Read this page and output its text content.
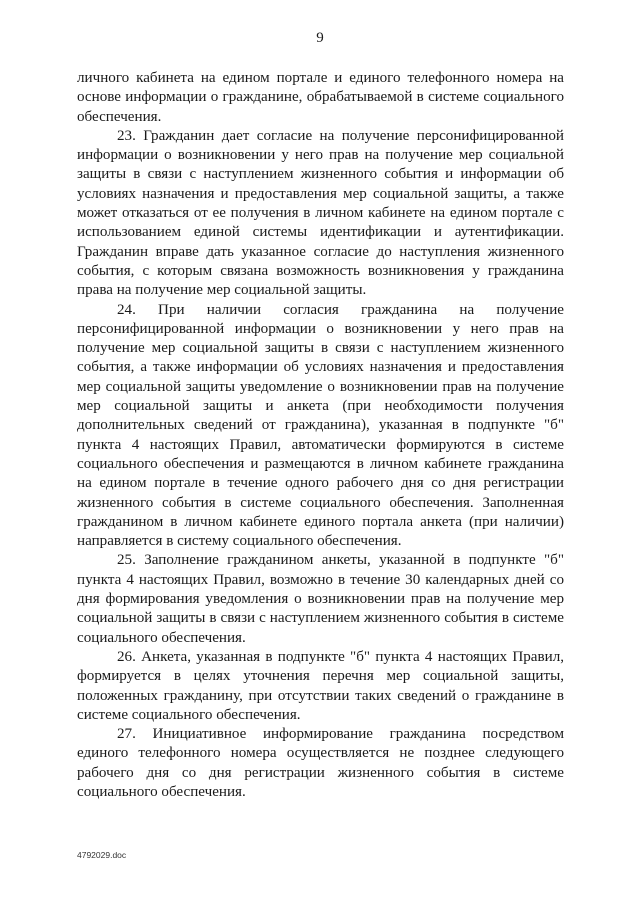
9

личного кабинета на едином портале и единого телефонного номера на основе информации о гражданине, обрабатываемой в системе социального обеспечения.

23. Гражданин дает согласие на получение персонифицированной информации о возникновении у него прав на получение мер социальной защиты в связи с наступлением жизненного события и информации об условиях назначения и предоставления мер социальной защиты, а также может отказаться от ее получения в личном кабинете на едином портале с использованием единой системы идентификации и аутентификации. Гражданин вправе дать указанное согласие до наступления жизненного события, с которым связана возможность возникновения у гражданина права на получение мер социальной защиты.

24. При наличии согласия гражданина на получение персонифицированной информации о возникновении у него прав на получение мер социальной защиты в связи с наступлением жизненного события, а также информации об условиях назначения и предоставления мер социальной защиты уведомление о возникновении прав на получение мер социальной защиты и анкета (при необходимости получения дополнительных сведений от гражданина), указанная в подпункте "б" пункта 4 настоящих Правил, автоматически формируются в системе социального обеспечения и размещаются в личном кабинете гражданина на едином портале в течение одного рабочего дня со дня регистрации жизненного события в системе социального обеспечения. Заполненная гражданином в личном кабинете единого портала анкета (при наличии) направляется в систему социального обеспечения.

25. Заполнение гражданином анкеты, указанной в подпункте "б" пункта 4 настоящих Правил, возможно в течение 30 календарных дней со дня формирования уведомления о возникновении прав на получение мер социальной защиты в связи с наступлением жизненного события в системе социального обеспечения.

26. Анкета, указанная в подпункте "б" пункта 4 настоящих Правил, формируется в целях уточнения перечня мер социальной защиты, положенных гражданину, при отсутствии таких сведений о гражданине в системе социального обеспечения.

27. Инициативное информирование гражданина посредством единого телефонного номера осуществляется не позднее следующего рабочего дня со дня регистрации жизненного события в системе социального обеспечения.

4792029.doc
